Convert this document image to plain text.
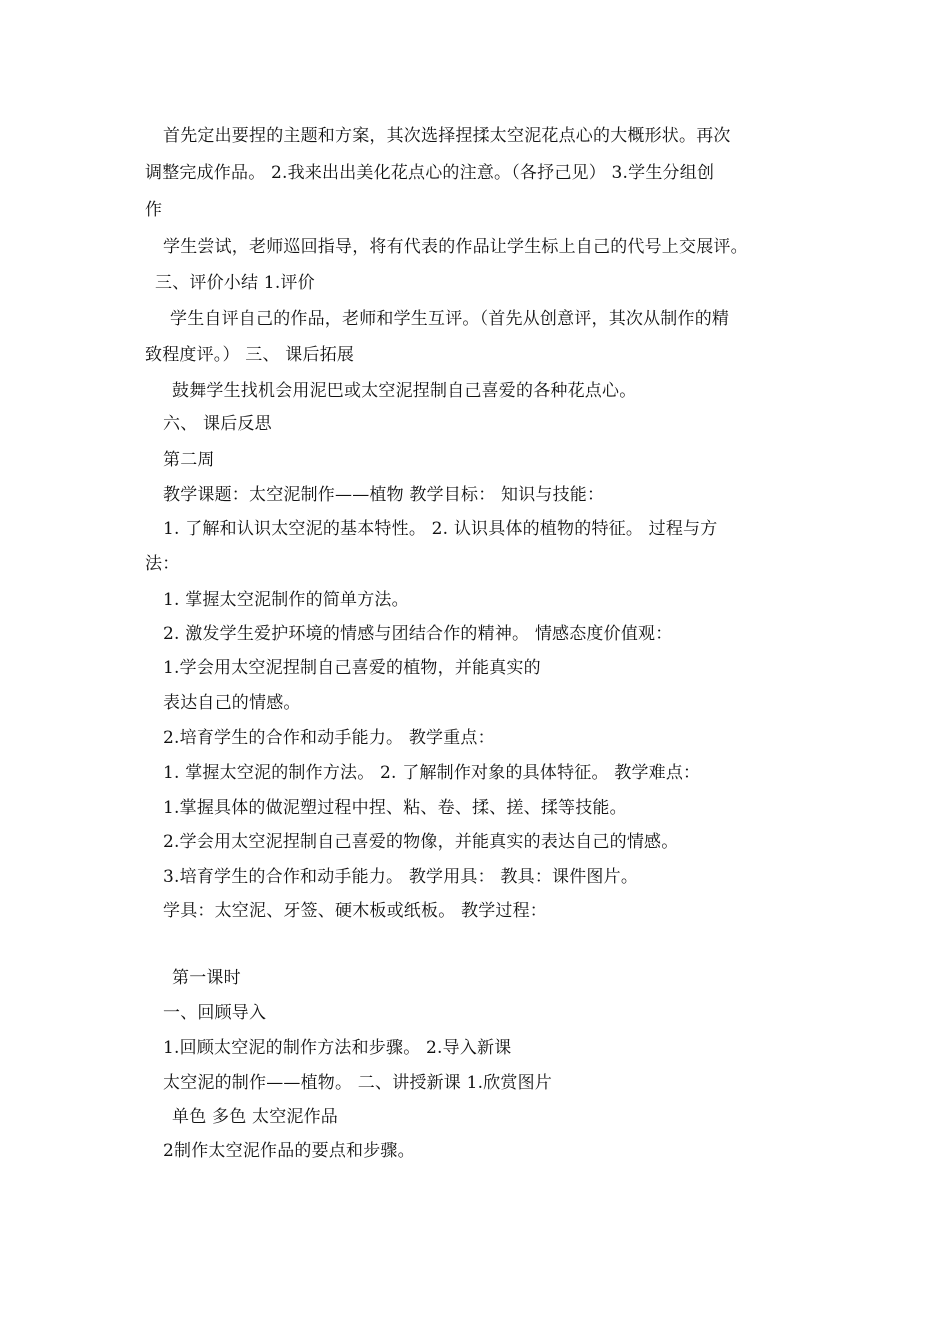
首先定出要捏的主题和方案，其次选择捏揉太空泥花点心的大概形状。再次
调整完成作品。 2.我来出出美化花点心的注意。（各抒己见） 3.学生分组创
作
学生尝试，老师巡回指导，将有代表的作品让学生标上自己的代号上交展评。
三、评价小结 1.评价
学生自评自己的作品，老师和学生互评。（首先从创意评，其次从制作的精
致程度评。） 三、 课后拓展
鼓舞学生找机会用泥巴或太空泥捏制自己喜爱的各种花点心。
六、 课后反思
第二周
教学课题：太空泥制作——植物 教学目标： 知识与技能：
1. 了解和认识太空泥的基本特性。 2. 认识具体的植物的特征。 过程与方
法：
1. 掌握太空泥制作的简单方法。
2. 激发学生爱护环境的情感与团结合作的精神。 情感态度价值观：
1.学会用太空泥捏制自己喜爱的植物，并能真实的
表达自己的情感。
2.培育学生的合作和动手能力。 教学重点：
1. 掌握太空泥的制作方法。 2. 了解制作对象的具体特征。 教学难点：
1.掌握具体的做泥塑过程中捏、粘、卷、揉、搓、揉等技能。
2.学会用太空泥捏制自己喜爱的物像，并能真实的表达自己的情感。
3.培育学生的合作和动手能力。 教学用具： 教具：课件图片。
学具：太空泥、牙签、硬木板或纸板。 教学过程：
第一课时
一、回顾导入
1.回顾太空泥的制作方法和步骤。 2.导入新课
太空泥的制作——植物。 二、讲授新课 1.欣赏图片
单色 多色 太空泥作品
2制作太空泥作品的要点和步骤。
